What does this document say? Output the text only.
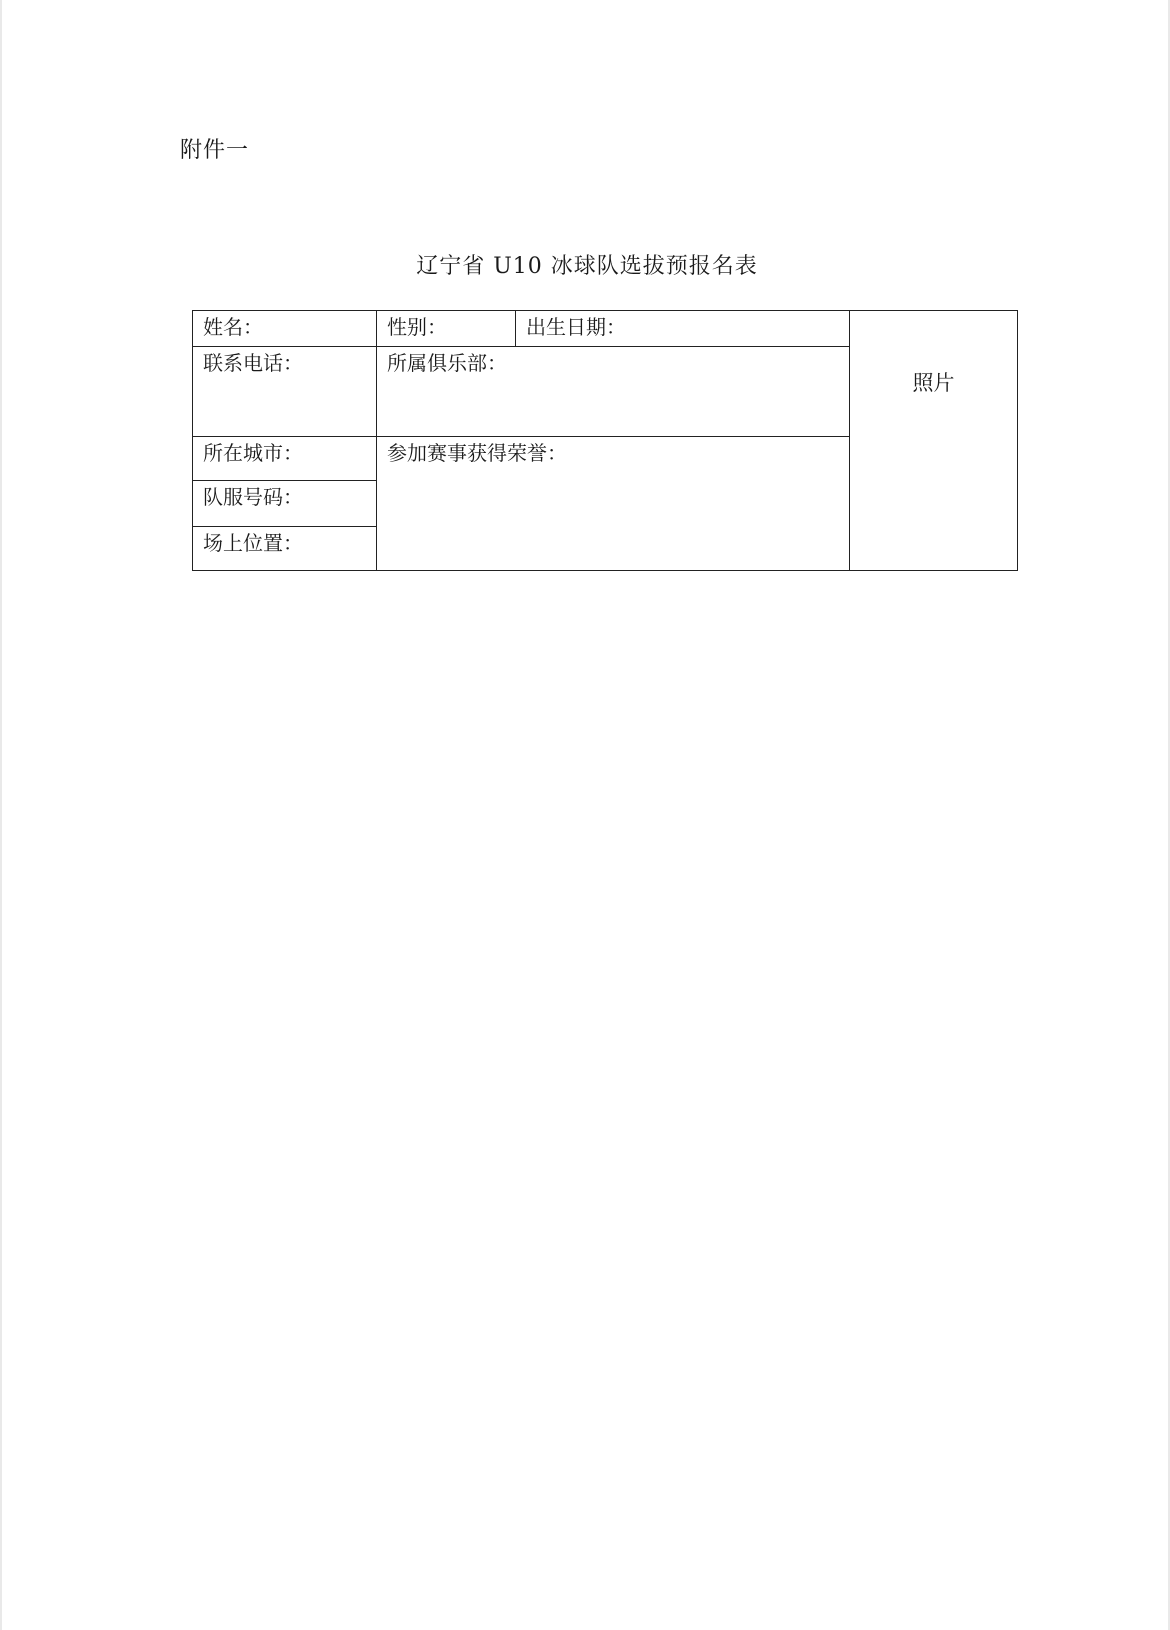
附件一
辽宁省 U10 冰球队选拔预报名表
姓名：	性别：	出生日期：	照片

联系电话：	所属俱乐部：		
所在城市：	参加赛事获得荣誉：		
队服号码：			
场上位置：			
